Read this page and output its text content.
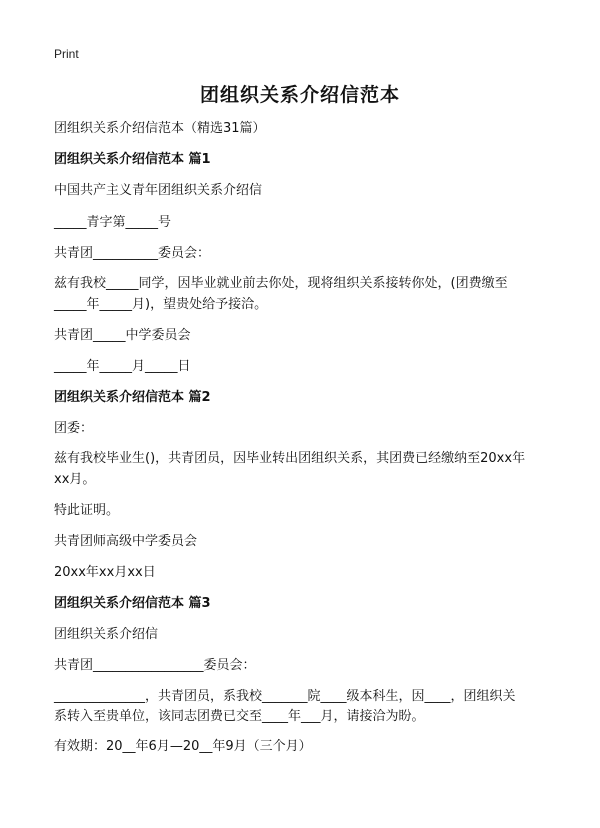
Print
团组织关系介绍信范本
团组织关系介绍信范本（精选31篇）
团组织关系介绍信范本 篇1
中国共产主义青年团组织关系介绍信
_____青字第_____号
共青团__________委员会：
兹有我校_____同学，因毕业就业前去你处，现将组织关系接转你处，(团费缴至
_____年_____月)，望贵处给予接洽。
共青团_____中学委员会
_____年_____月_____日
团组织关系介绍信范本 篇2
团委：
兹有我校毕业生()，共青团员，因毕业转出团组织关系，其团费已经缴纳至20xx年
xx月。
特此证明。
共青团师高级中学委员会
20xx年xx月xx日
团组织关系介绍信范本 篇3
团组织关系介绍信
共青团_________________委员会：
______________，共青团员，系我校_______院____级本科生，因____，团组织关
系转入至贵单位，该同志团费已交至____年___月，请接洽为盼。
有效期：20__年6月—20__年9月（三个月）
